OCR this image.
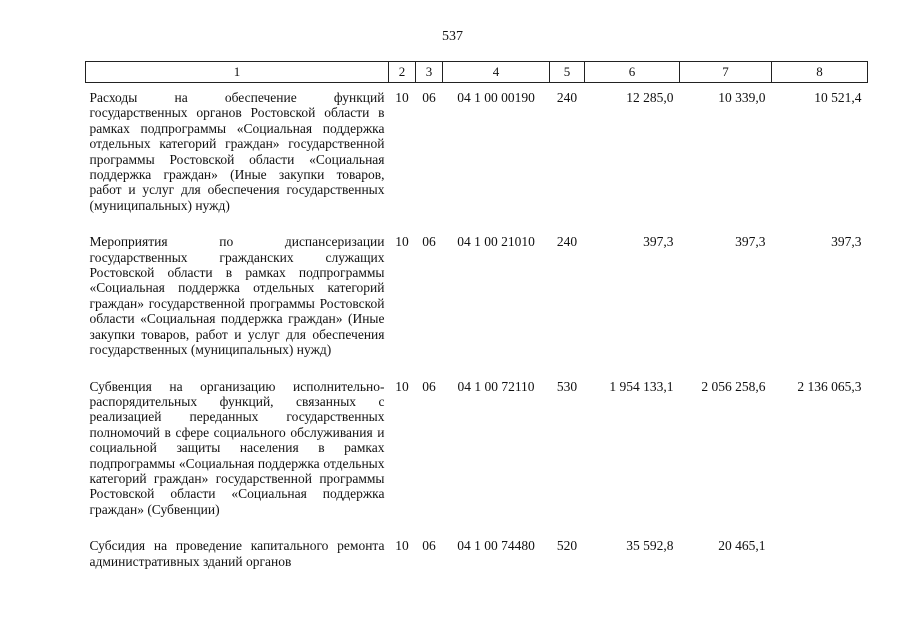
537
1	2	3	4	5	6	7	8
Расходы на обеспечение функций государственных органов Ростовской области в рамках подпрограммы «Социальная поддержка отдельных категорий граждан» государственной программы Ростовской области «Социальная поддержка граждан» (Иные закупки товаров, работ и услуг для обеспечения государственных (муниципальных) нужд)	10	06	04 1 00 00190	240	12 285,0	10 339,0	10 521,4
Мероприятия по диспансеризации государственных гражданских служащих Ростовской области в рамках подпрограммы «Социальная поддержка отдельных категорий граждан» государственной программы Ростовской области «Социальная поддержка граждан» (Иные закупки товаров, работ и услуг для обеспечения государственных (муниципальных) нужд)	10	06	04 1 00 21010	240	397,3	397,3	397,3
Субвенция на организацию исполнительно-распорядительных функций, связанных с реализацией переданных государственных полномочий в сфере социального обслуживания и социальной защиты населения в рамках подпрограммы «Социальная поддержка отдельных категорий граждан» государственной программы Ростовской области «Социальная поддержка граждан» (Субвенции)	10	06	04 1 00 72110	530	1 954 133,1	2 056 258,6	2 136 065,3
Субсидия на проведение капитального ремонта административных зданий органов	10	06	04 1 00 74480	520	35 592,8	20 465,1	
